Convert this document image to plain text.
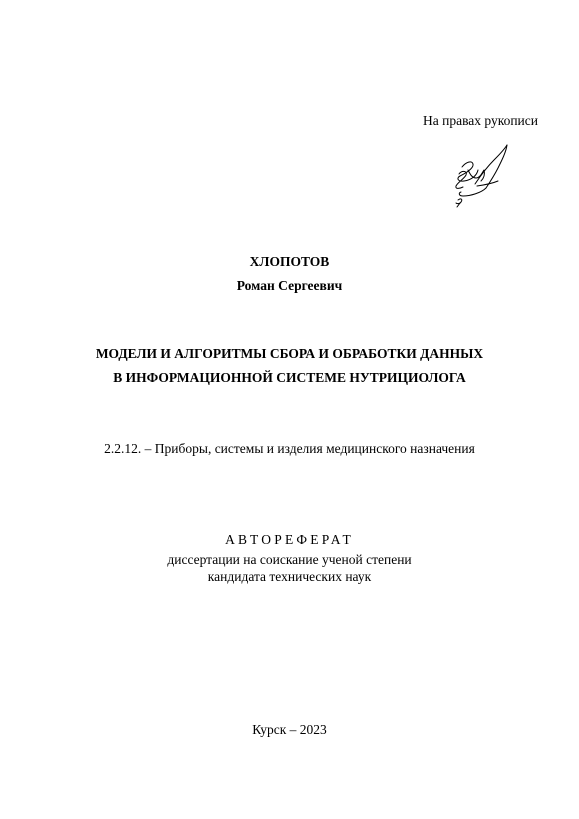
На правах рукописи
ХЛОПОТОВ
Роман Сергеевич
МОДЕЛИ И АЛГОРИТМЫ СБОРА И ОБРАБОТКИ ДАННЫХ
В ИНФОРМАЦИОННОЙ СИСТЕМЕ НУТРИЦИОЛОГА
2.2.12. – Приборы, системы и изделия медицинского назначения
АВТОРЕФЕРАТ
диссертации на соискание ученой степени
кандидата технических наук
Курск – 2023
